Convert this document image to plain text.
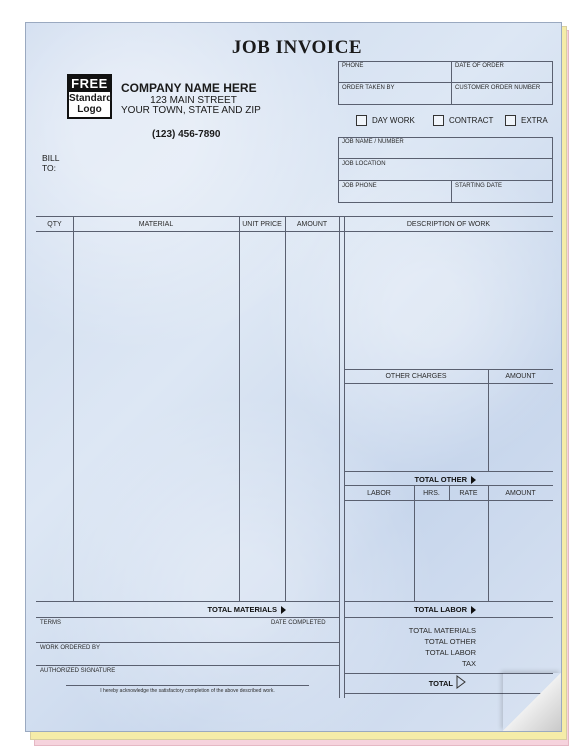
JOB INVOICE
FREE
Standard
Logo
COMPANY NAME HERE
123 MAIN STREET
YOUR TOWN, STATE AND ZIP
(123) 456-7890
BILL TO:
PHONE	DATE OF ORDER
ORDER TAKEN BY	CUSTOMER ORDER NUMBER
DAY WORK	CONTRACT	EXTRA
JOB NAME / NUMBER
JOB LOCATION
JOB PHONE	STARTING DATE
QTY	MATERIAL	UNIT PRICE	AMOUNT	DESCRIPTION OF WORK
TOTAL MATERIALS
OTHER CHARGES	AMOUNT
TOTAL OTHER
LABOR	HRS.	RATE	AMOUNT
TOTAL LABOR
TERMS	DATE COMPLETED
WORK ORDERED BY
AUTHORIZED SIGNATURE
I hereby acknowledge the satisfactory completion of the above described work.
TOTAL MATERIALS
TOTAL OTHER
TOTAL LABOR
TAX
TOTAL
